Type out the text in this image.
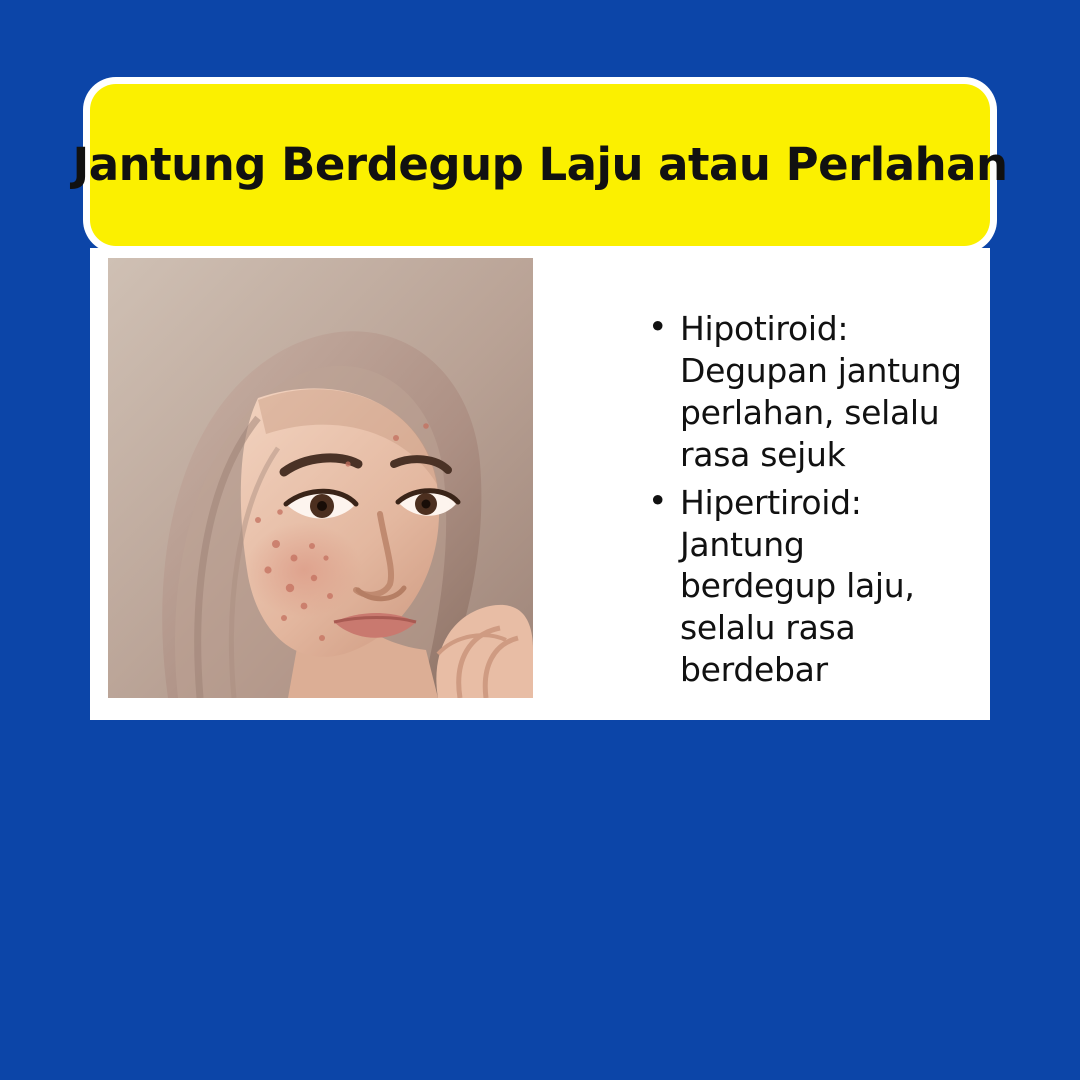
Jantung Berdegup Laju atau Perlahan
• Hipotiroid: Degupan jantung perlahan, selalu rasa sejuk
• Hipertiroid: Jantung berdegup laju, selalu rasa berdebar
